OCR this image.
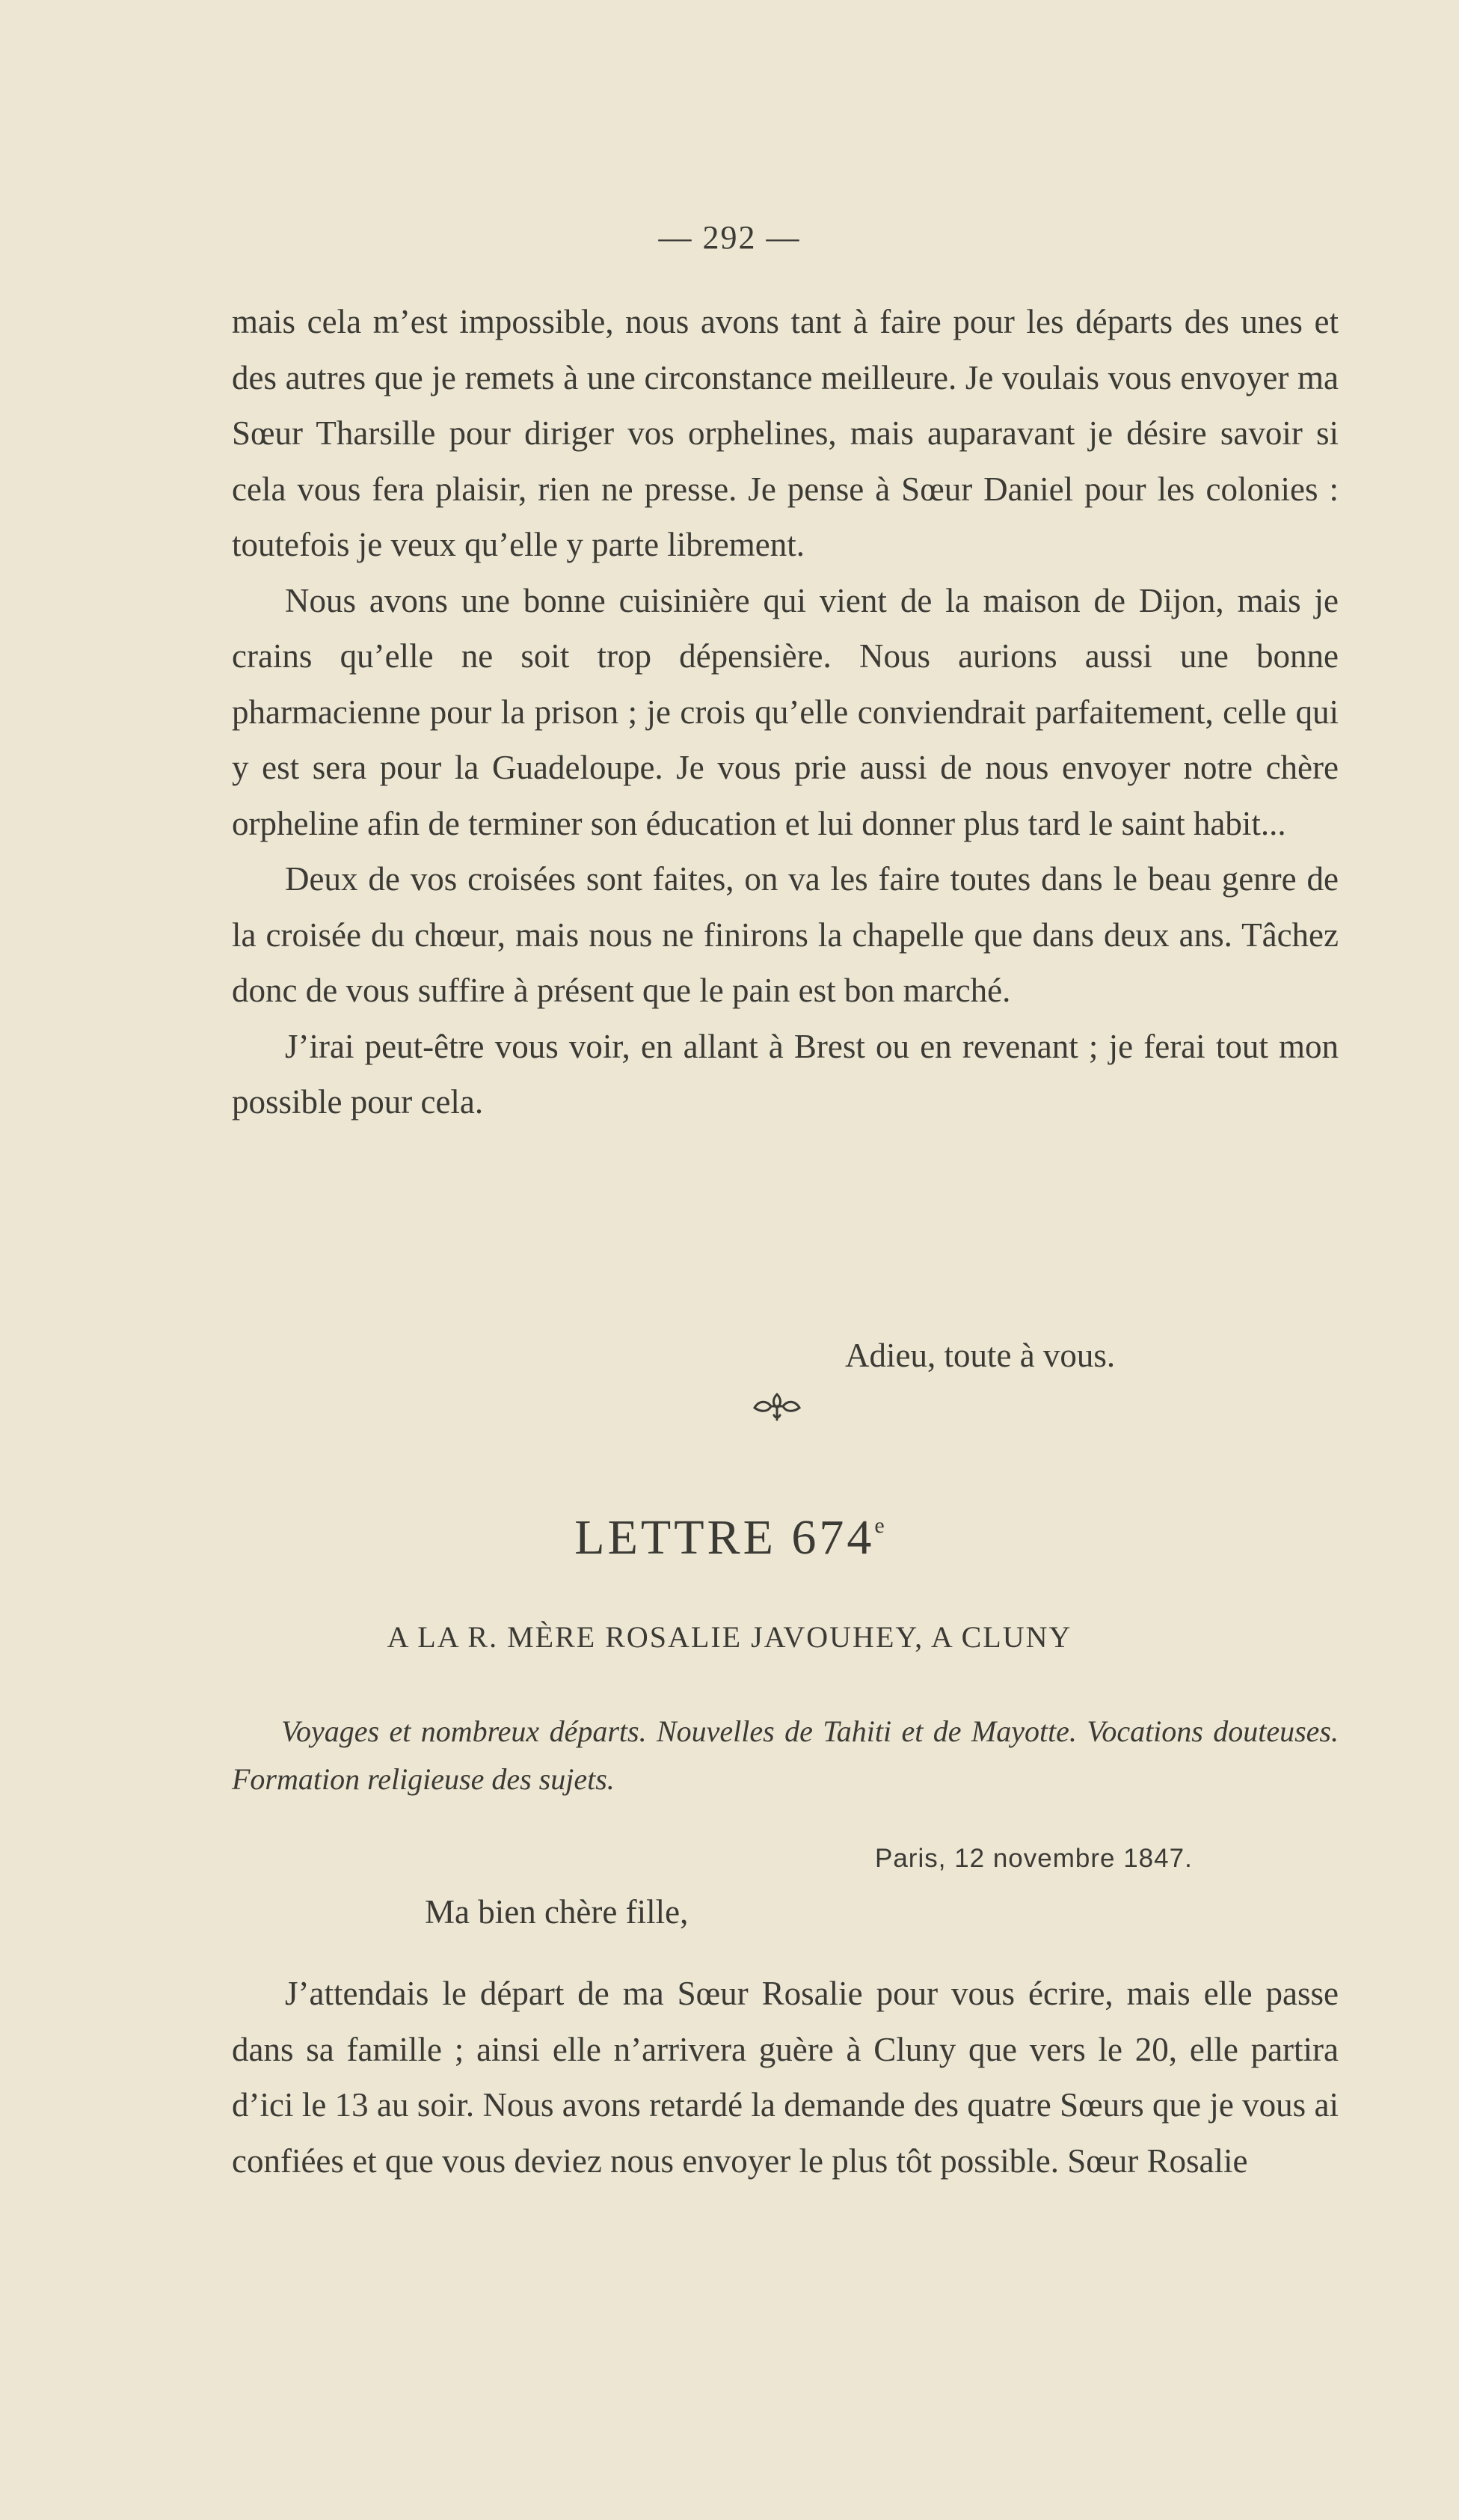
— 292 —

mais cela m’est impossible, nous avons tant à faire pour les départs des unes et des autres que je remets à une circonstance meilleure. Je voulais vous envoyer ma Sœur Tharsille pour diriger vos orphelines, mais auparavant je désire savoir si cela vous fera plaisir, rien ne presse. Je pense à Sœur Daniel pour les colonies : toutefois je veux qu’elle y parte librement.

Nous avons une bonne cuisinière qui vient de la maison de Dijon, mais je crains qu’elle ne soit trop dépensière. Nous aurions aussi une bonne pharmacienne pour la prison ; je crois qu’elle conviendrait parfaitement, celle qui y est sera pour la Guadeloupe. Je vous prie aussi de nous envoyer notre chère orpheline afin de terminer son éducation et lui donner plus tard le saint habit...

Deux de vos croisées sont faites, on va les faire toutes dans le beau genre de la croisée du chœur, mais nous ne finirons la chapelle que dans deux ans. Tâchez donc de vous suffire à présent que le pain est bon marché.

J’irai peut-être vous voir, en allant à Brest ou en revenant ; je ferai tout mon possible pour cela.

Adieu, toute à vous.
LETTRE 674e
A LA R. MÈRE ROSALIE JAVOUHEY, A CLUNY
Voyages et nombreux départs. Nouvelles de Tahiti et de Mayotte. Vocations douteuses. Formation religieuse des sujets.
Paris, 12 novembre 1847.
Ma bien chère fille,

J’attendais le départ de ma Sœur Rosalie pour vous écrire, mais elle passe dans sa famille ; ainsi elle n’arrivera guère à Cluny que vers le 20, elle partira d’ici le 13 au soir. Nous avons retardé la demande des quatre Sœurs que je vous ai confiées et que vous deviez nous envoyer le plus tôt possible. Sœur Rosalie
